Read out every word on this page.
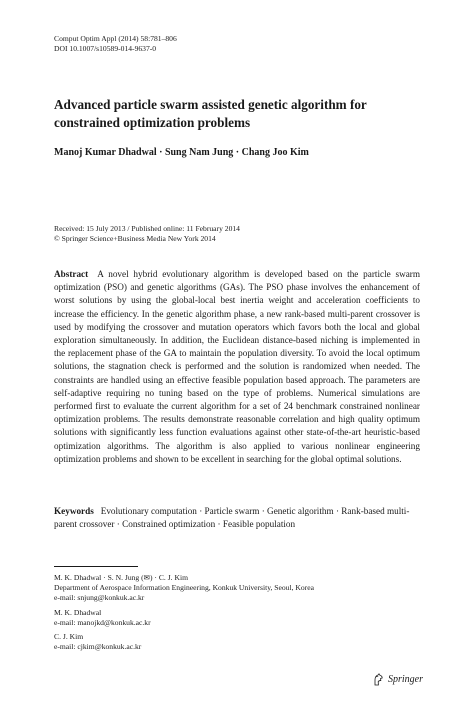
Comput Optim Appl (2014) 58:781–806
DOI 10.1007/s10589-014-9637-0
Advanced particle swarm assisted genetic algorithm for constrained optimization problems
Manoj Kumar Dhadwal · Sung Nam Jung · Chang Joo Kim
Received: 15 July 2013 / Published online: 11 February 2014
© Springer Science+Business Media New York 2014
Abstract A novel hybrid evolutionary algorithm is developed based on the particle swarm optimization (PSO) and genetic algorithms (GAs). The PSO phase involves the enhancement of worst solutions by using the global-local best inertia weight and acceleration coefficients to increase the efficiency. In the genetic algorithm phase, a new rank-based multi-parent crossover is used by modifying the crossover and mutation operators which favors both the local and global exploration simultaneously. In addition, the Euclidean distance-based niching is implemented in the replacement phase of the GA to maintain the population diversity. To avoid the local optimum solutions, the stagnation check is performed and the solution is randomized when needed. The constraints are handled using an effective feasible population based approach. The parameters are self-adaptive requiring no tuning based on the type of problems. Numerical simulations are performed first to evaluate the current algorithm for a set of 24 benchmark constrained nonlinear optimization problems. The results demonstrate reasonable correlation and high quality optimum solutions with significantly less function evaluations against other state-of-the-art heuristic-based optimization algorithms. The algorithm is also applied to various nonlinear engineering optimization problems and shown to be excellent in searching for the global optimal solutions.
Keywords Evolutionary computation · Particle swarm · Genetic algorithm · Rank-based multi-parent crossover · Constrained optimization · Feasible population
M. K. Dhadwal · S. N. Jung (✉) · C. J. Kim
Department of Aerospace Information Engineering, Konkuk University, Seoul, Korea
e-mail: snjung@konkuk.ac.kr
M. K. Dhadwal
e-mail: manojkd@konkuk.ac.kr
C. J. Kim
e-mail: cjkim@konkuk.ac.kr
Springer
